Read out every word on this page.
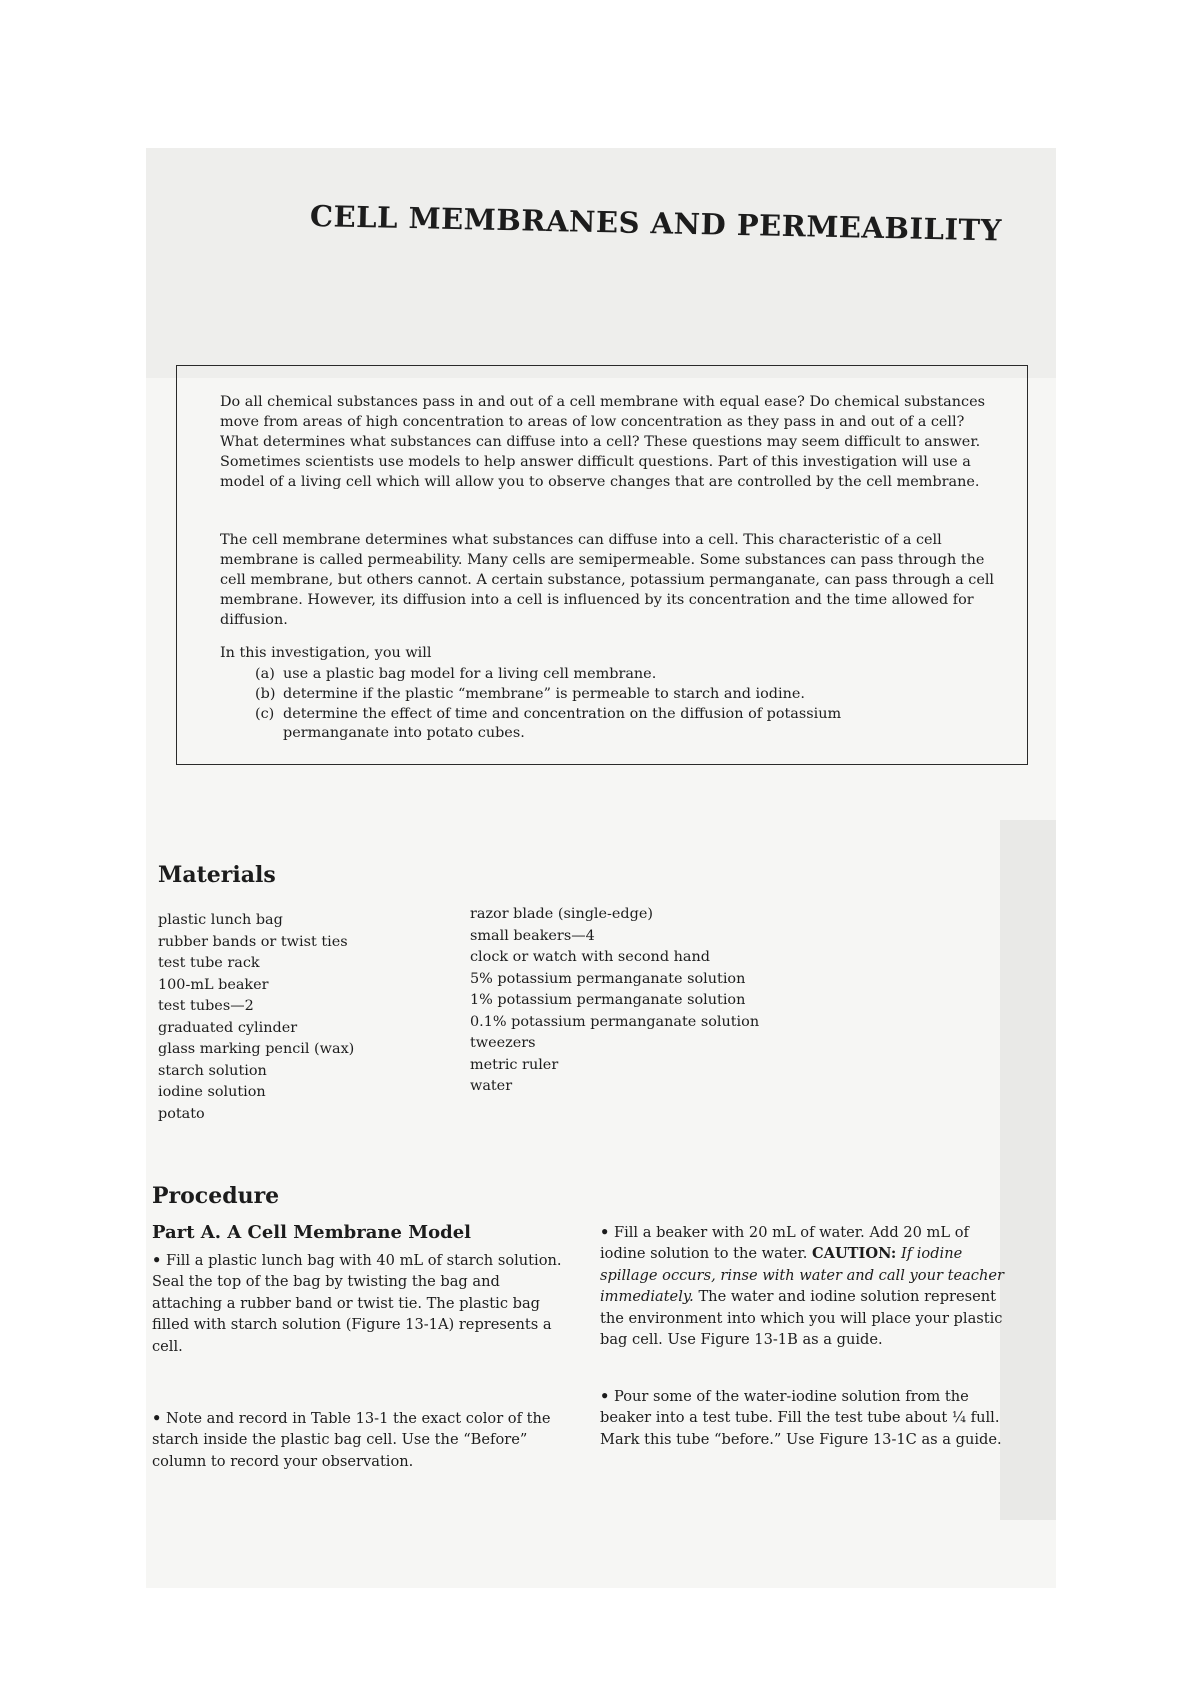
CELL MEMBRANES AND PERMEABILITY

Do all chemical substances pass in and out of a cell membrane with equal ease? Do chemical substances move from areas of high concentration to areas of low concentration as they pass in and out of a cell? What determines what substances can diffuse into a cell? These questions may seem difficult to answer. Sometimes scientists use models to help answer difficult questions. Part of this investigation will use a model of a living cell which will allow you to observe changes that are controlled by the cell membrane.

The cell membrane determines what substances can diffuse into a cell. This characteristic of a cell membrane is called permeability. Many cells are semipermeable. Some substances can pass through the cell membrane, but others cannot. A certain substance, potassium permanganate, can pass through a cell membrane. However, its diffusion into a cell is influenced by its concentration and the time allowed for diffusion.

In this investigation, you will

(a) use a plastic bag model for a living cell membrane.
(b) determine if the plastic “membrane” is permeable to starch and iodine.
(c) determine the effect of time and concentration on the diffusion of potassium
permanganate into potato cubes.
Materials
plastic lunch bag
rubber bands or twist ties
test tube rack
100-mL beaker
test tubes—2
graduated cylinder
glass marking pencil (wax)
starch solution
iodine solution
potato
razor blade (single-edge)
small beakers—4
clock or watch with second hand
5% potassium permanganate solution
1% potassium permanganate solution
0.1% potassium permanganate solution
tweezers
metric ruler
water
Procedure
Part A. A Cell Membrane Model

• Fill a plastic lunch bag with 40 mL of starch solution. Seal the top of the bag by twisting the bag and attaching a rubber band or twist tie. The plastic bag filled with starch solution (Figure 13-1A) represents a cell.

• Note and record in Table 13-1 the exact color of the starch inside the plastic bag cell. Use the “Before” column to record your observation.

• Fill a beaker with 20 mL of water. Add 20 mL of iodine solution to the water. CAUTION: If iodine spillage occurs, rinse with water and call your teacher immediately. The water and iodine solution represent the environment into which you will place your plastic bag cell. Use Figure 13-1B as a guide.

• Pour some of the water-iodine solution from the beaker into a test tube. Fill the test tube about ¼ full. Mark this tube “before.” Use Figure 13-1C as a guide.
